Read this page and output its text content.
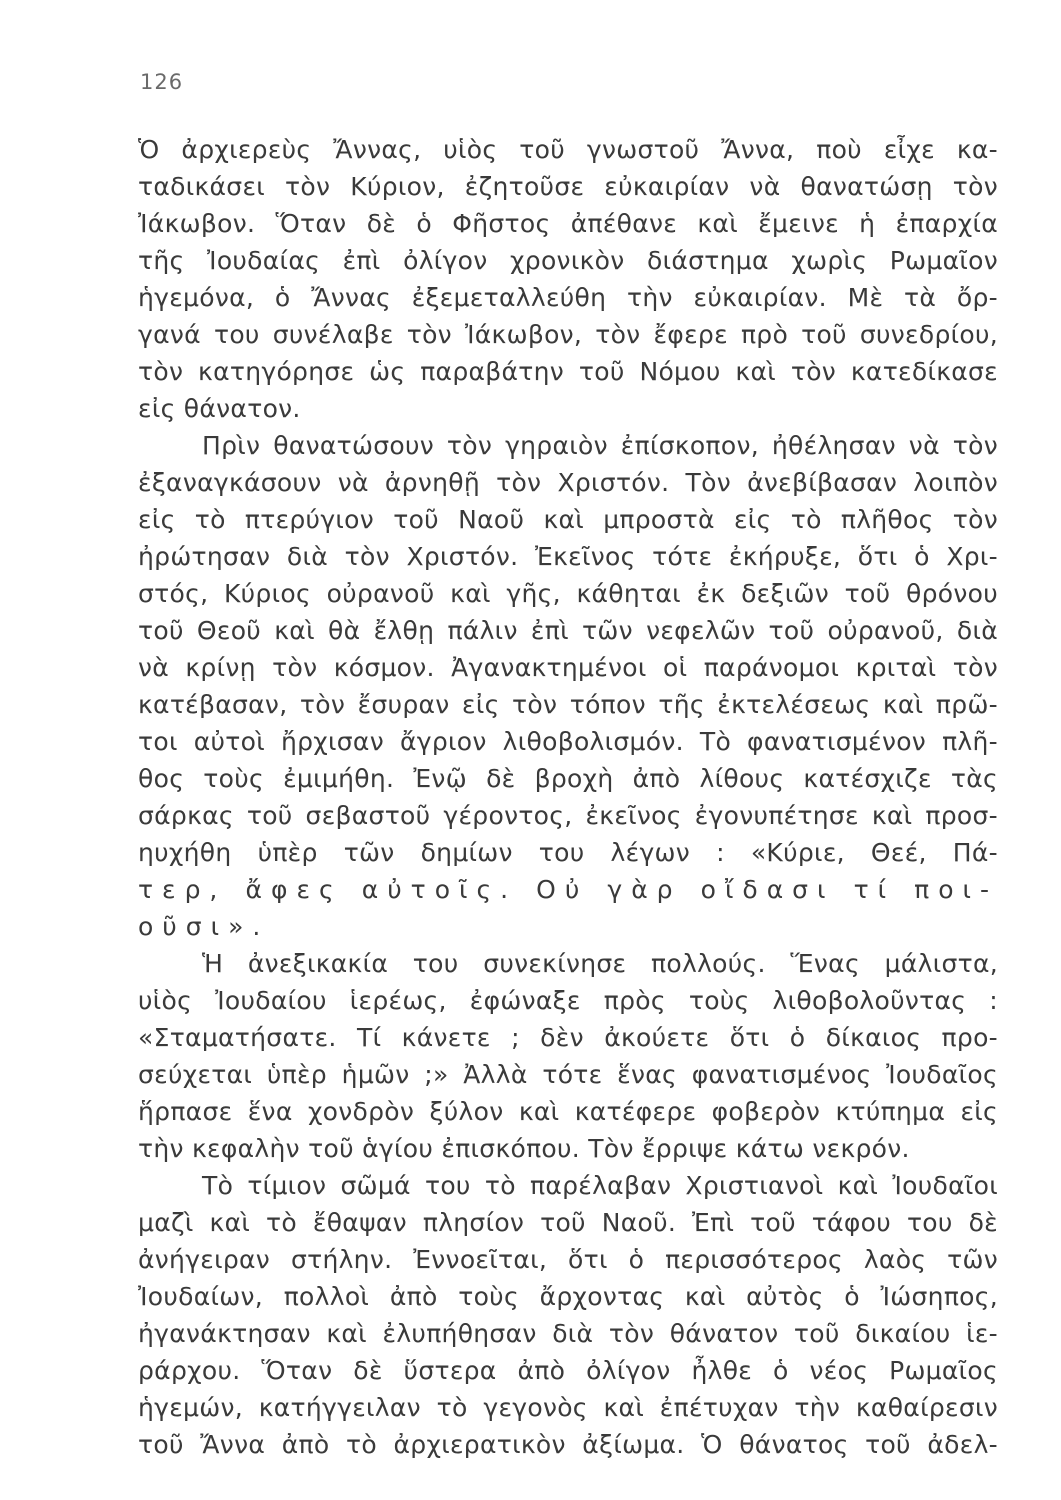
126
Ὁ ἀρχιερεὺς Ἄννας, υἱὸς τοῦ γνωστοῦ Ἄννα, ποὺ εἶχε κα-
ταδικάσει τὸν Κύριον, ἐζητοῦσε εὐκαιρίαν νὰ θανατώσῃ τὸν
Ἰάκωβον. Ὅταν δὲ ὁ Φῆστος ἀπέθανε καὶ ἔμεινε ἡ ἐπαρχία
τῆς Ἰουδαίας ἐπὶ ὀλίγον χρονικὸν διάστημα χωρὶς Ρωμαῖον
ἡγεμόνα, ὁ Ἄννας ἐξεμεταλλεύθη τὴν εὐκαιρίαν. Μὲ τὰ ὄρ-
γανά του συνέλαβε τὸν Ἰάκωβον, τὸν ἔφερε πρὸ τοῦ συνεδρίου,
τὸν κατηγόρησε ὡς παραβάτην τοῦ Νόμου καὶ τὸν κατεδίκασε
εἰς θάνατον.
Πρὶν θανατώσουν τὸν γηραιὸν ἐπίσκοπον, ἠθέλησαν νὰ τὸν
ἐξαναγκάσουν νὰ ἀρνηθῇ τὸν Χριστόν. Τὸν ἀνεβίβασαν λοιπὸν
εἰς τὸ πτερύγιον τοῦ Ναοῦ καὶ μπροστὰ εἰς τὸ πλῆθος τὸν
ἠρώτησαν διὰ τὸν Χριστόν. Ἐκεῖνος τότε ἐκήρυξε, ὅτι ὁ Χρι-
στός, Κύριος οὐρανοῦ καὶ γῆς, κάθηται ἐκ δεξιῶν τοῦ θρόνου
τοῦ Θεοῦ καὶ θὰ ἔλθῃ πάλιν ἐπὶ τῶν νεφελῶν τοῦ οὐρανοῦ, διὰ
νὰ κρίνῃ τὸν κόσμον. Ἀγανακτημένοι οἱ παράνομοι κριταὶ τὸν
κατέβασαν, τὸν ἔσυραν εἰς τὸν τόπον τῆς ἐκτελέσεως καὶ πρῶ-
τοι αὐτοὶ ἤρχισαν ἄγριον λιθοβολισμόν. Τὸ φανατισμένον πλῆ-
θος τοὺς ἐμιμήθη. Ἐνῷ δὲ βροχὴ ἀπὸ λίθους κατέσχιζε τὰς
σάρκας τοῦ σεβαστοῦ γέροντος, ἐκεῖνος ἐγονυπέτησε καὶ προσ-
ηυχήθη ὑπὲρ τῶν δημίων του λέγων : «Κύριε, Θεέ, Πά-
τερ, ἄφες αὐτοῖς. Οὐ γὰρ οἴδασι τί ποι-
οῦσι».
Ἡ ἀνεξικακία του συνεκίνησε πολλούς. Ἕνας μάλιστα,
υἱὸς Ἰουδαίου ἱερέως, ἐφώναξε πρὸς τοὺς λιθοβολοῦντας :
«Σταματήσατε. Τί κάνετε ; δὲν ἀκούετε ὅτι ὁ δίκαιος προ-
σεύχεται ὑπὲρ ἡμῶν ;» Ἀλλὰ τότε ἕνας φανατισμένος Ἰουδαῖος
ἥρπασε ἕνα χονδρὸν ξύλον καὶ κατέφερε φοβερὸν κτύπημα εἰς
τὴν κεφαλὴν τοῦ ἁγίου ἐπισκόπου. Τὸν ἔρριψε κάτω νεκρόν.
Τὸ τίμιον σῶμά του τὸ παρέλαβαν Χριστιανοὶ καὶ Ἰουδαῖοι
μαζὶ καὶ τὸ ἔθαψαν πλησίον τοῦ Ναοῦ. Ἐπὶ τοῦ τάφου του δὲ
ἀνήγειραν στήλην. Ἐννοεῖται, ὅτι ὁ περισσότερος λαὸς τῶν
Ἰουδαίων, πολλοὶ ἀπὸ τοὺς ἄρχοντας καὶ αὐτὸς ὁ Ἰώσηπος,
ἠγανάκτησαν καὶ ἐλυπήθησαν διὰ τὸν θάνατον τοῦ δικαίου ἱε-
ράρχου. Ὅταν δὲ ὕστερα ἀπὸ ὀλίγον ἦλθε ὁ νέος Ρωμαῖος
ἡγεμών, κατήγγειλαν τὸ γεγονὸς καὶ ἐπέτυχαν τὴν καθαίρεσιν
τοῦ Ἄννα ἀπὸ τὸ ἀρχιερατικὸν ἀξίωμα. Ὁ θάνατος τοῦ ἀδελ-
